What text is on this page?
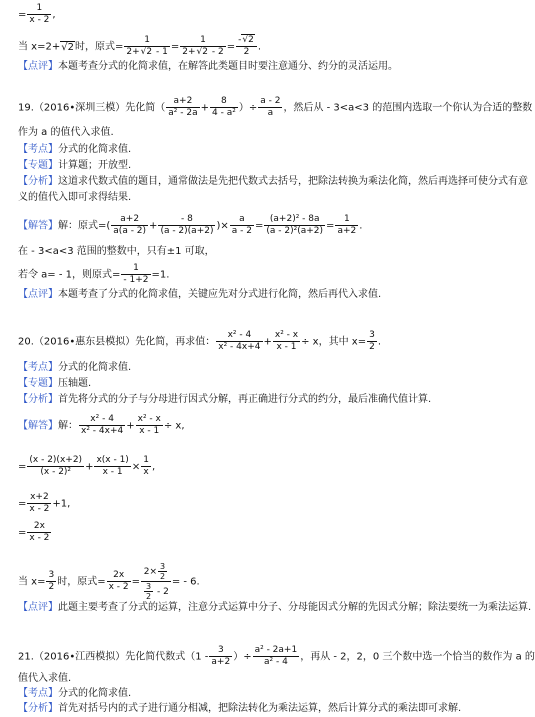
= $\frac{1}{x - 2}$ ,
当 x=2+√2时，原式= $\frac{1}{2+√2 - 1} = \frac{1}{2+√2 - 2} = \frac{-√2}{2}$ .
【点评】本题考查分式的化简求值，在解答此类题目时要注意通分、约分的灵活运用。
19.（2016•深圳三模）先化简（ $\frac{a+2}{\text{a² - 2a}} + \frac{8}{\text{4 - a²}}$ ）÷ $\frac{a - 2}{a}$ ，然后从 - 3<a<3 的范围内选取一个你认为合适的整数
作为 a 的值代入求值.
【考点】分式的化简求值.
【专题】计算题；开放型.
【分析】这道求代数式值的题目，通常做法是先把代数式去括号，把除法转换为乘法化简，然后再选择可使分式有意
义的值代入即可求得结果.
【解答】解：原式=( $\frac{a+2}{a(a - 2)} + \frac{- 8}{(a - 2)(a+2)}$ )× $\frac{a}{a - 2} = \frac{\text{(a+2)² - 8a}}{\text{(a - 2)²(a+2)}} = \frac{1}{a+2}$ .
在 - 3<a<3 范围的整数中，只有±1 可取，
若令 a= - 1，则原式= $\frac{1}{- 1+2} =1$.
【点评】本题考查了分式的化简求值，关键应先对分式进行化简，然后再代入求值.
20.（2016•惠东县模拟）先化简，再求值： $\frac{\text{x² - 4}}{\text{x² - 4x+4}} + \frac{\text{x² - x}}{x - 1} \div x$，其中 $x= \frac{3}{2}$ .
【考点】分式的化简求值.
【专题】压轴题.
【分析】首先将分式的分子与分母进行因式分解，再正确进行分式的约分，最后准确代值计算.
【解答】解： $\frac{\text{x² - 4}}{\text{x² - 4x+4}} + \frac{\text{x² - x}}{x - 1} \div x$,
= $\frac{(x - 2)(x+2)}{\text{(x - 2)²}} + \frac{x(x - 1)}{x - 1} \times \frac{1}{x}$ ,
= $\frac{x+2}{x - 2} +1$,
= $\frac{2x}{x - 2}$
当 $x= \frac{3}{2}$ 时，原式= $\frac{2x}{x - 2} = \frac{2\times \frac{3}{2}}{\frac{3}{2} - 2}$ = - 6.
【点评】此题主要考查了分式的运算，注意分式运算中分子、分母能因式分解的先因式分解；除法要统一为乘法运算.
21.（2016•江西模拟）先化简代数式（$1 - \frac{3}{a+2}$ ）÷ $\frac{\text{a² - 2a+1}}{\text{a² - 4}}$ ，再从 - 2，2，0 三个数中选一个恰当的数作为 a 的
值代入求值.
【考点】分式的化简求值.
【分析】首先对括号内的式子进行通分相减，把除法转化为乘法运算，然后计算分式的乘法即可求解.
